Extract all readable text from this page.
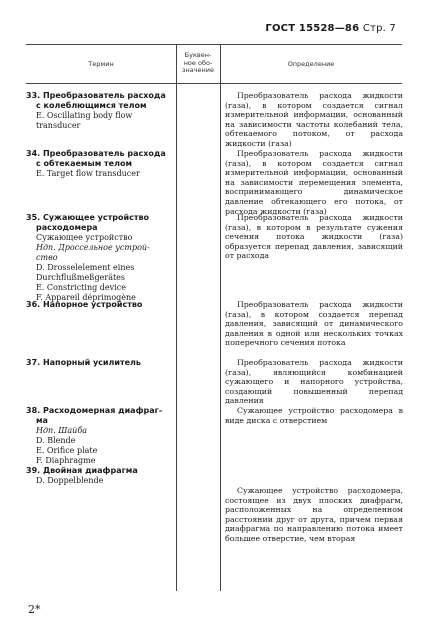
ГОСТ 15528—86 Стр. 7
Термин
Буквен-
ное обо-
значение
Определение
33. Преобразователь расхода
с колеблющимся телом
E. Oscillating body flow
transducer

Преобразователь расхода жидкости (газа), в котором создается сигнал измерительной информации, основанный на зависимости частоты колебаний тела, обтекаемого потоком, от расхода жидкости (газа)

34. Преобразователь расхода
с обтекаемым телом
E. Target flow transducer

Преобразователь расхода жидкости (газа), в котором создается сигнал измерительной информации, основанный на зависимости перемещения элемента, воспринимающего динамическое давление обтекающего его потока, от расхода жидкости (газа)

35. Сужающее устройство
расходомера
Сужающее устройство
Ндп. Дроссельное устрой-
ство
D. Drosselelement eines
Durchflußmeßgerätes
E. Constricting device
F. Appareil déprimogène

Преобразователь расхода жидкости (газа), в котором в результате сужения сечения потока жидкости (газа) образуется перепад давления, зависящий от расхода

36. Напорное устройство	Преобразователь расхода жидкости (газа), в котором создается перепад давления, зависящий от динамического давления в одной или нескольких точках поперечного сечения потока

37. Напорный усилитель	Преобразователь расхода жидкости (газа), являющийся комбинацией сужающего и напорного устройства, создающий повышенный перепад давления

38. Расходомерная диафраг-
ма
Ндп. Шайба
D. Blende
E. Orifice plate
F. Diaphragme

Сужающее устройство расходомера в виде диска с отверстием

39. Двойная диафрагма
D. Doppelblende

Сужающее устройство расходомера, состоящее из двух плоских диафрагм, расположенных на определенном расстоянии друг от друга, причем первая диафрагма по направлению потока имеет большее отверстие, чем вторая

2*
